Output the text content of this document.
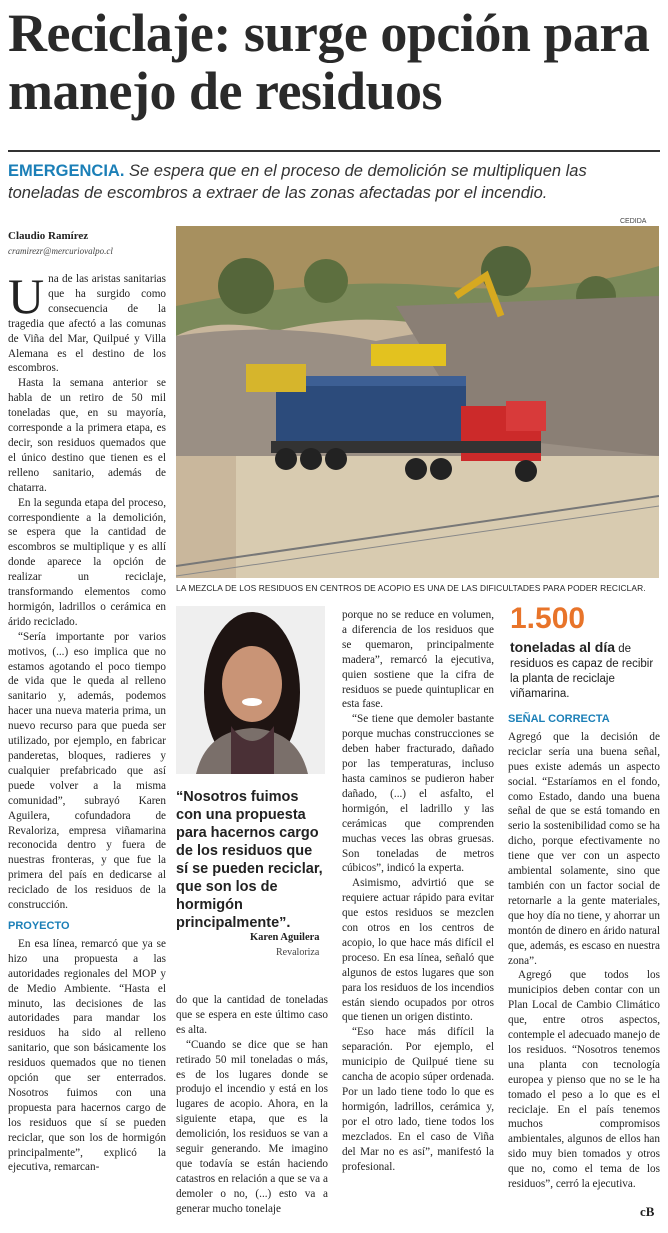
Reciclaje: surge opción para manejo de residuos
EMERGENCIA. Se espera que en el proceso de demolición se multipliquen las toneladas de escombros a extraer de las zonas afectadas por el incendio.
CEDIDA
Claudio Ramírez
cramirezr@mercuriovalpo.cl
U na de las aristas sanitarias que ha surgido como consecuencia de la tragedia que afectó a las comunas de Viña del Mar, Quilpué y Villa Alemana es el destino de los escombros.

Hasta la semana anterior se habla de un retiro de 50 mil toneladas que, en su mayoría, corresponde a la primera etapa, es decir, son residuos quemados que el único destino que tienen es el relleno sanitario, además de chatarra.

En la segunda etapa del proceso, correspondiente a la demolición, se espera que la cantidad de escombros se multiplique y es allí donde aparece la opción de realizar un reciclaje, transformando elementos como hormigón, ladrillos o cerámica en árido reciclado.

“Sería importante por varios motivos, (...) eso implica que no estamos agotando el poco tiempo de vida que le queda al relleno sanitario y, además, podemos hacer una nueva materia prima, un nuevo recurso para que pueda ser utilizado, por ejemplo, en fabricar panderetas, bloques, radieres y cualquier prefabricado que así puede volver a la misma comunidad”, subrayó Karen Aguilera, cofundadora de Revaloriza, empresa viñamarina reconocida dentro y fuera de nuestras fronteras, y que fue la primera del país en dedicarse al reciclado de los residuos de la construcción.

PROYECTO

En esa línea, remarcó que ya se hizo una propuesta a las autoridades regionales del MOP y de Medio Ambiente. “Hasta el minuto, las decisiones de las autoridades para mandar los residuos ha sido al relleno sanitario, que son básicamente los residuos quemados que no tienen opción que ser enterrados. Nosotros fuimos con una propuesta para hacernos cargo de los residuos que sí se pueden reciclar, que son los de hormigón principalmente”, explicó la ejecutiva, remarcan-

LA MEZCLA DE LOS RESIDUOS EN CENTROS DE ACOPIO ES UNA DE LAS DIFICULTADES PARA PODER RECICLAR.
“Nosotros fuimos con una propuesta para hacernos cargo de los residuos que sí se pueden reciclar, que son los de hormigón principalmente”.
Karen Aguilera
Revaloriza

do que la cantidad de toneladas que se espera en este último caso es alta.

“Cuando se dice que se han retirado 50 mil toneladas o más, es de los lugares donde se produjo el incendio y está en los lugares de acopio. Ahora, en la siguiente etapa, que es la demolición, los residuos se van a seguir generando. Me imagino que todavía se están haciendo catastros en relación a que se va a demoler o no, (...) esto va a generar mucho tonelaje

porque no se reduce en volumen, a diferencia de los residuos que se quemaron, principalmente madera”, remarcó la ejecutiva, quien sostiene que la cifra de residuos se puede quintuplicar en esta fase.

“Se tiene que demoler bastante porque muchas construcciones se deben haber fracturado, dañado por las temperaturas, incluso hasta caminos se pudieron haber dañado, (...) el asfalto, el hormigón, el ladrillo y las cerámicas que comprenden muchas veces las obras gruesas. Son toneladas de metros cúbicos”, indicó la experta.

Asimismo, advirtió que se requiere actuar rápido para evitar que estos residuos se mezclen con otros en los centros de acopio, lo que hace más difícil el proceso. En esa línea, señaló que algunos de estos lugares que son para los residuos de los incendios están siendo ocupados por otros que tienen un origen distinto.

“Eso hace más difícil la separación. Por ejemplo, el municipio de Quilpué tiene su cancha de acopio súper ordenada. Por un lado tiene todo lo que es hormigón, ladrillos, cerámica y, por el otro lado, tiene todos los mezclados. En el caso de Viña del Mar no es así”, manifestó la profesional.

1.500
toneladas al día de residuos es capaz de recibir la planta de reciclaje viñamarina.
SEÑAL CORRECTA

Agregó que la decisión de reciclar sería una buena señal, pues existe además un aspecto social. “Estaríamos en el fondo, como Estado, dando una buena señal de que se está tomando en serio la sostenibilidad como se ha dicho, porque efectivamente no tiene que ver con un aspecto ambiental solamente, sino que también con un factor social de retornarle a la gente materiales, que hoy día no tiene, y ahorrar un montón de dinero en árido natural que, además, es escaso en nuestra zona”.

Agregó que todos los municipios deben contar con un Plan Local de Cambio Climático que, entre otros aspectos, contemple el adecuado manejo de los residuos. “Nosotros tenemos una planta con tecnología europea y pienso que no se le ha tomado el peso a lo que es el reciclaje. En el país tenemos muchos compromisos ambientales, algunos de ellos han sido muy bien tomados y otros que no, como el tema de los residuos”, cerró la ejecutiva.

cB
